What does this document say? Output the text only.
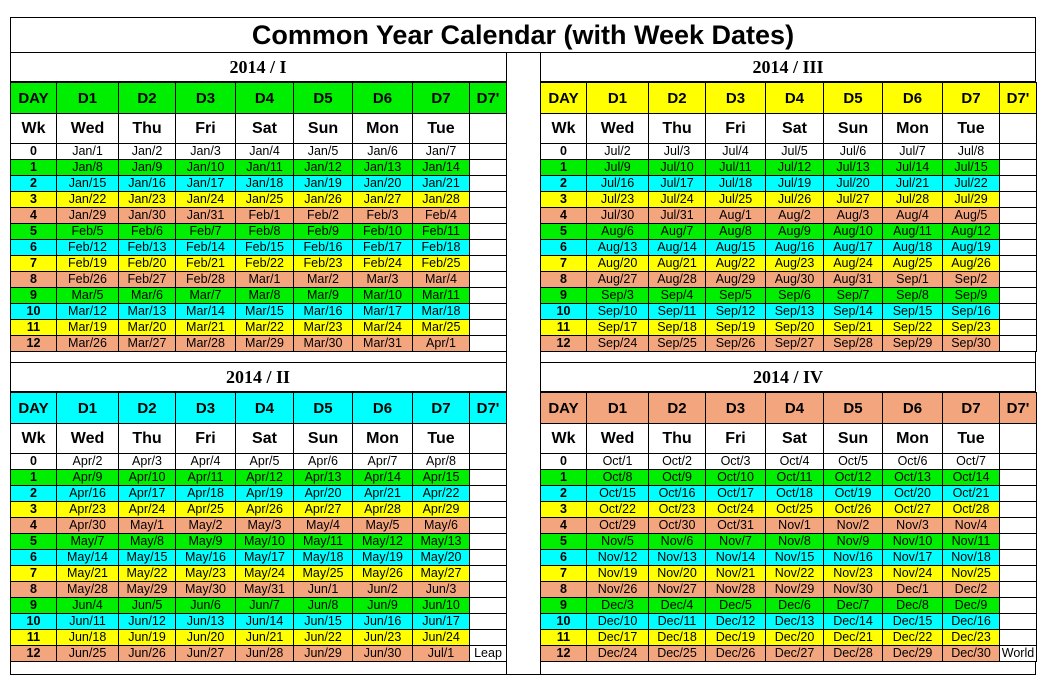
Common Year Calendar (with Week Dates)
2014 / I
DAY	D1	D2	D3	D4	D5	D6	D7	D7'
Wk	Wed	Thu	Fri	Sat	Sun	Mon	Tue	
0	Jan/1	Jan/2	Jan/3	Jan/4	Jan/5	Jan/6	Jan/7	
1	Jan/8	Jan/9	Jan/10	Jan/11	Jan/12	Jan/13	Jan/14	
2	Jan/15	Jan/16	Jan/17	Jan/18	Jan/19	Jan/20	Jan/21	
3	Jan/22	Jan/23	Jan/24	Jan/25	Jan/26	Jan/27	Jan/28	
4	Jan/29	Jan/30	Jan/31	Feb/1	Feb/2	Feb/3	Feb/4	
5	Feb/5	Feb/6	Feb/7	Feb/8	Feb/9	Feb/10	Feb/11	
6	Feb/12	Feb/13	Feb/14	Feb/15	Feb/16	Feb/17	Feb/18	
7	Feb/19	Feb/20	Feb/21	Feb/22	Feb/23	Feb/24	Feb/25	
8	Feb/26	Feb/27	Feb/28	Mar/1	Mar/2	Mar/3	Mar/4	
9	Mar/5	Mar/6	Mar/7	Mar/8	Mar/9	Mar/10	Mar/11	
10	Mar/12	Mar/13	Mar/14	Mar/15	Mar/16	Mar/17	Mar/18	
11	Mar/19	Mar/20	Mar/21	Mar/22	Mar/23	Mar/24	Mar/25	
12	Mar/26	Mar/27	Mar/28	Mar/29	Mar/30	Mar/31	Apr/1	
2014 / III
DAY	D1	D2	D3	D4	D5	D6	D7	D7'
Wk	Wed	Thu	Fri	Sat	Sun	Mon	Tue	
0	Jul/2	Jul/3	Jul/4	Jul/5	Jul/6	Jul/7	Jul/8	
1	Jul/9	Jul/10	Jul/11	Jul/12	Jul/13	Jul/14	Jul/15	
2	Jul/16	Jul/17	Jul/18	Jul/19	Jul/20	Jul/21	Jul/22	
3	Jul/23	Jul/24	Jul/25	Jul/26	Jul/27	Jul/28	Jul/29	
4	Jul/30	Jul/31	Aug/1	Aug/2	Aug/3	Aug/4	Aug/5	
5	Aug/6	Aug/7	Aug/8	Aug/9	Aug/10	Aug/11	Aug/12	
6	Aug/13	Aug/14	Aug/15	Aug/16	Aug/17	Aug/18	Aug/19	
7	Aug/20	Aug/21	Aug/22	Aug/23	Aug/24	Aug/25	Aug/26	
8	Aug/27	Aug/28	Aug/29	Aug/30	Aug/31	Sep/1	Sep/2	
9	Sep/3	Sep/4	Sep/5	Sep/6	Sep/7	Sep/8	Sep/9	
10	Sep/10	Sep/11	Sep/12	Sep/13	Sep/14	Sep/15	Sep/16	
11	Sep/17	Sep/18	Sep/19	Sep/20	Sep/21	Sep/22	Sep/23	
12	Sep/24	Sep/25	Sep/26	Sep/27	Sep/28	Sep/29	Sep/30	
2014 / II
DAY	D1	D2	D3	D4	D5	D6	D7	D7'
Wk	Wed	Thu	Fri	Sat	Sun	Mon	Tue	
0	Apr/2	Apr/3	Apr/4	Apr/5	Apr/6	Apr/7	Apr/8	
1	Apr/9	Apr/10	Apr/11	Apr/12	Apr/13	Apr/14	Apr/15	
2	Apr/16	Apr/17	Apr/18	Apr/19	Apr/20	Apr/21	Apr/22	
3	Apr/23	Apr/24	Apr/25	Apr/26	Apr/27	Apr/28	Apr/29	
4	Apr/30	May/1	May/2	May/3	May/4	May/5	May/6	
5	May/7	May/8	May/9	May/10	May/11	May/12	May/13	
6	May/14	May/15	May/16	May/17	May/18	May/19	May/20	
7	May/21	May/22	May/23	May/24	May/25	May/26	May/27	
8	May/28	May/29	May/30	May/31	Jun/1	Jun/2	Jun/3	
9	Jun/4	Jun/5	Jun/6	Jun/7	Jun/8	Jun/9	Jun/10	
10	Jun/11	Jun/12	Jun/13	Jun/14	Jun/15	Jun/16	Jun/17	
11	Jun/18	Jun/19	Jun/20	Jun/21	Jun/22	Jun/23	Jun/24	
12	Jun/25	Jun/26	Jun/27	Jun/28	Jun/29	Jun/30	Jul/1	Leap
2014 / IV
DAY	D1	D2	D3	D4	D5	D6	D7	D7'
Wk	Wed	Thu	Fri	Sat	Sun	Mon	Tue	
0	Oct/1	Oct/2	Oct/3	Oct/4	Oct/5	Oct/6	Oct/7	
1	Oct/8	Oct/9	Oct/10	Oct/11	Oct/12	Oct/13	Oct/14	
2	Oct/15	Oct/16	Oct/17	Oct/18	Oct/19	Oct/20	Oct/21	
3	Oct/22	Oct/23	Oct/24	Oct/25	Oct/26	Oct/27	Oct/28	
4	Oct/29	Oct/30	Oct/31	Nov/1	Nov/2	Nov/3	Nov/4	
5	Nov/5	Nov/6	Nov/7	Nov/8	Nov/9	Nov/10	Nov/11	
6	Nov/12	Nov/13	Nov/14	Nov/15	Nov/16	Nov/17	Nov/18	
7	Nov/19	Nov/20	Nov/21	Nov/22	Nov/23	Nov/24	Nov/25	
8	Nov/26	Nov/27	Nov/28	Nov/29	Nov/30	Dec/1	Dec/2	
9	Dec/3	Dec/4	Dec/5	Dec/6	Dec/7	Dec/8	Dec/9	
10	Dec/10	Dec/11	Dec/12	Dec/13	Dec/14	Dec/15	Dec/16	
11	Dec/17	Dec/18	Dec/19	Dec/20	Dec/21	Dec/22	Dec/23	
12	Dec/24	Dec/25	Dec/26	Dec/27	Dec/28	Dec/29	Dec/30	World
